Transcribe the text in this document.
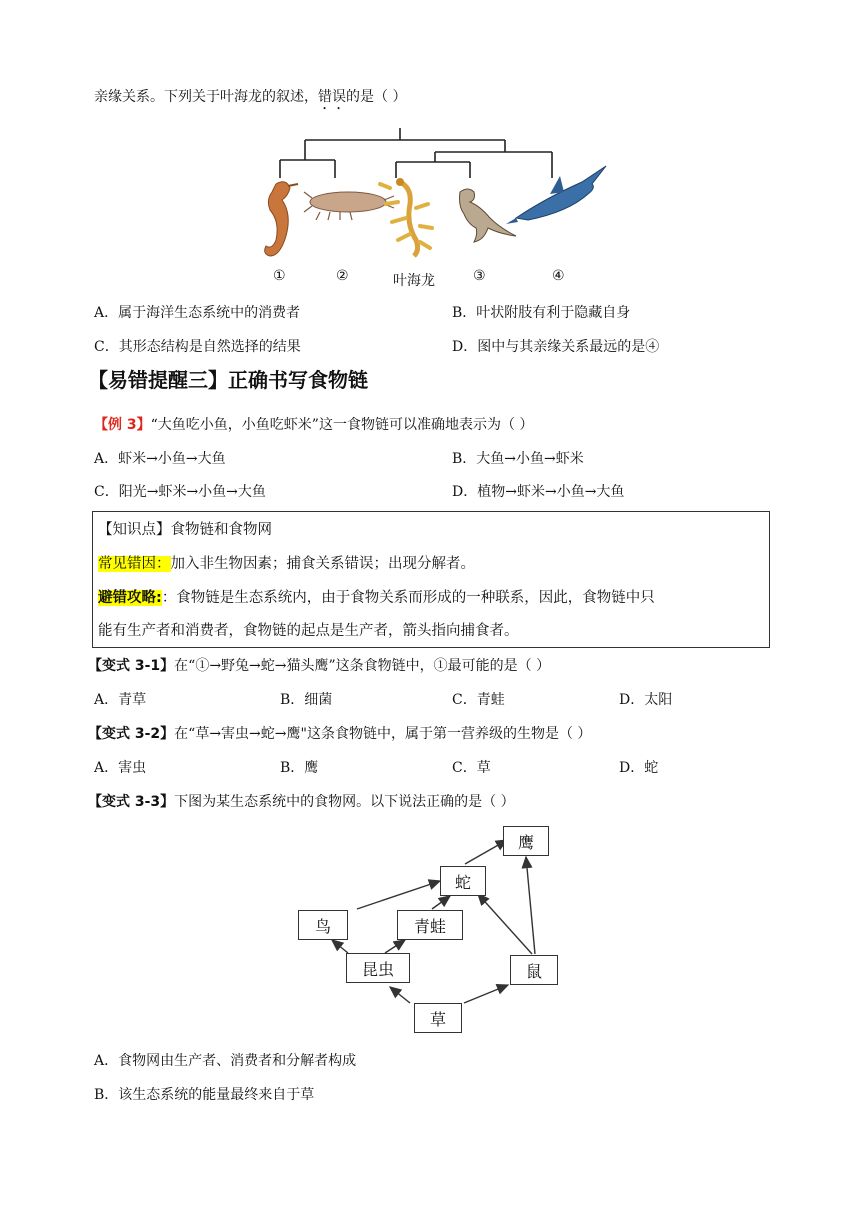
亲缘关系。下列关于叶海龙的叙述，错误的是（ ）
①	②	叶海龙	③	④
A．属于海洋生态系统中的消费者	B．叶状附肢有利于隐藏自身
C．其形态结构是自然选择的结果	D．图中与其亲缘关系最远的是④
【易错提醒三】正确书写食物链
【例 3】“大鱼吃小鱼，小鱼吃虾米”这一食物链可以准确地表示为（ ）
A．虾米→小鱼→大鱼	B．大鱼→小鱼→虾米
C．阳光→虾米→小鱼→大鱼	D．植物→虾米→小鱼→大鱼
【知识点】食物链和食物网
常见错因：加入非生物因素；捕食关系错误；出现分解者。
避错攻略:：食物链是生态系统内，由于食物关系而形成的一种联系，因此，食物链中只
能有生产者和消费者，食物链的起点是生产者，箭头指向捕食者。
【变式 3-1】在“①→野兔→蛇→猫头鹰”这条食物链中，①最可能的是（ ）
A．青草	B．细菌	C．青蛙	D．太阳
【变式 3-2】在“草→害虫→蛇→鹰"这条食物链中，属于第一营养级的生物是（ ）
A．害虫	B．鹰	C．草	D．蛇
【变式 3-3】下图为某生态系统中的食物网。以下说法正确的是（ ）
鹰
蛇
鸟	青蛙
昆虫	鼠
草
A．食物网由生产者、消费者和分解者构成
B．该生态系统的能量最终来自于草
